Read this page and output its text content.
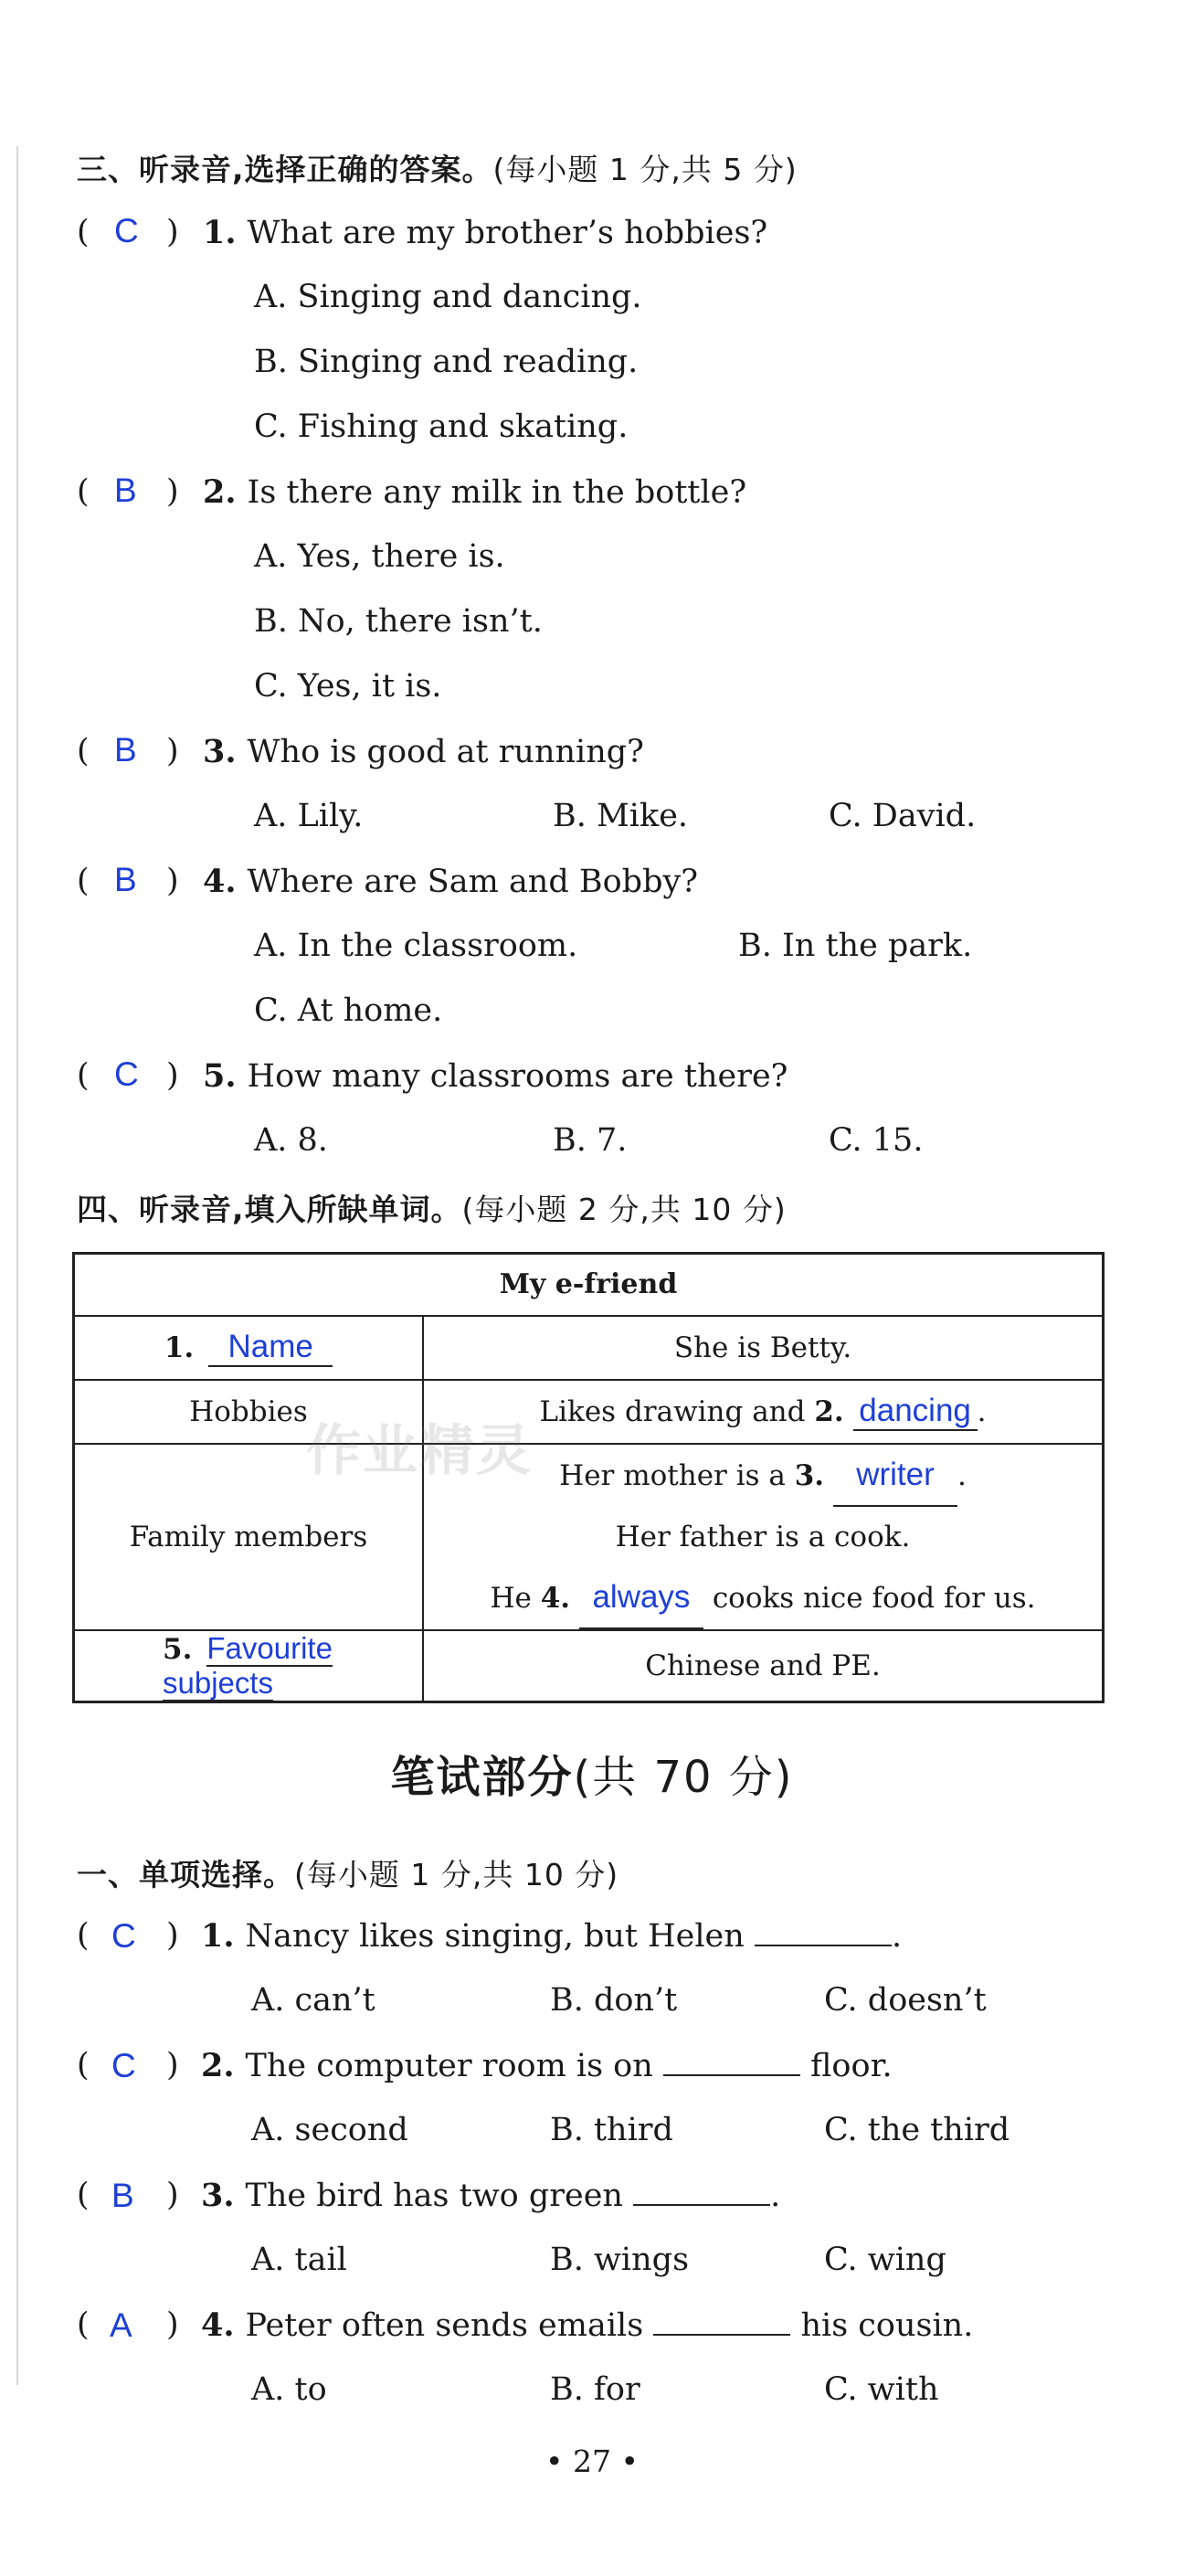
三、听录音,选择正确的答案。(每小题 1 分,共 5 分)
( C ) 1. What are my brother’s hobbies?
A. Singing and dancing.
B. Singing and reading.
C. Fishing and skating.
( B ) 2. Is there any milk in the bottle?
A. Yes, there is.
B. No, there isn’t.
C. Yes, it is.
( B ) 3. Who is good at running?
A. Lily.	B. Mike.	C. David.
( B ) 4. Where are Sam and Bobby?
A. In the classroom.	B. In the park.
C. At home.
( C ) 5. How many classrooms are there?
A. 8.	B. 7.	C. 15.
四、听录音,填入所缺单词。(每小题 2 分,共 10 分)
My e-friend	
1. Name	She is Betty.
Hobbies	Likes drawing and 2. dancing .
Family members	Her mother is a 3. writer .
Her father is a cook.
He 4. always cooks nice food for us.

5. Favourite subjects	Chinese and PE.
作业精灵
笔试部分(共 70 分)
一、单项选择。(每小题 1 分,共 10 分)
( C ) 1. Nancy likes singing, but Helen	.
A. can’t	B. don’t	C. doesn’t
( C ) 2. The computer room is on	floor.
A. second	B. third	C. the third
( B ) 3. The bird has two green	.
A. tail	B. wings	C. wing
( A ) 4. Peter often sends emails	his cousin.
A. to	B. for	C. with
• 27 •
